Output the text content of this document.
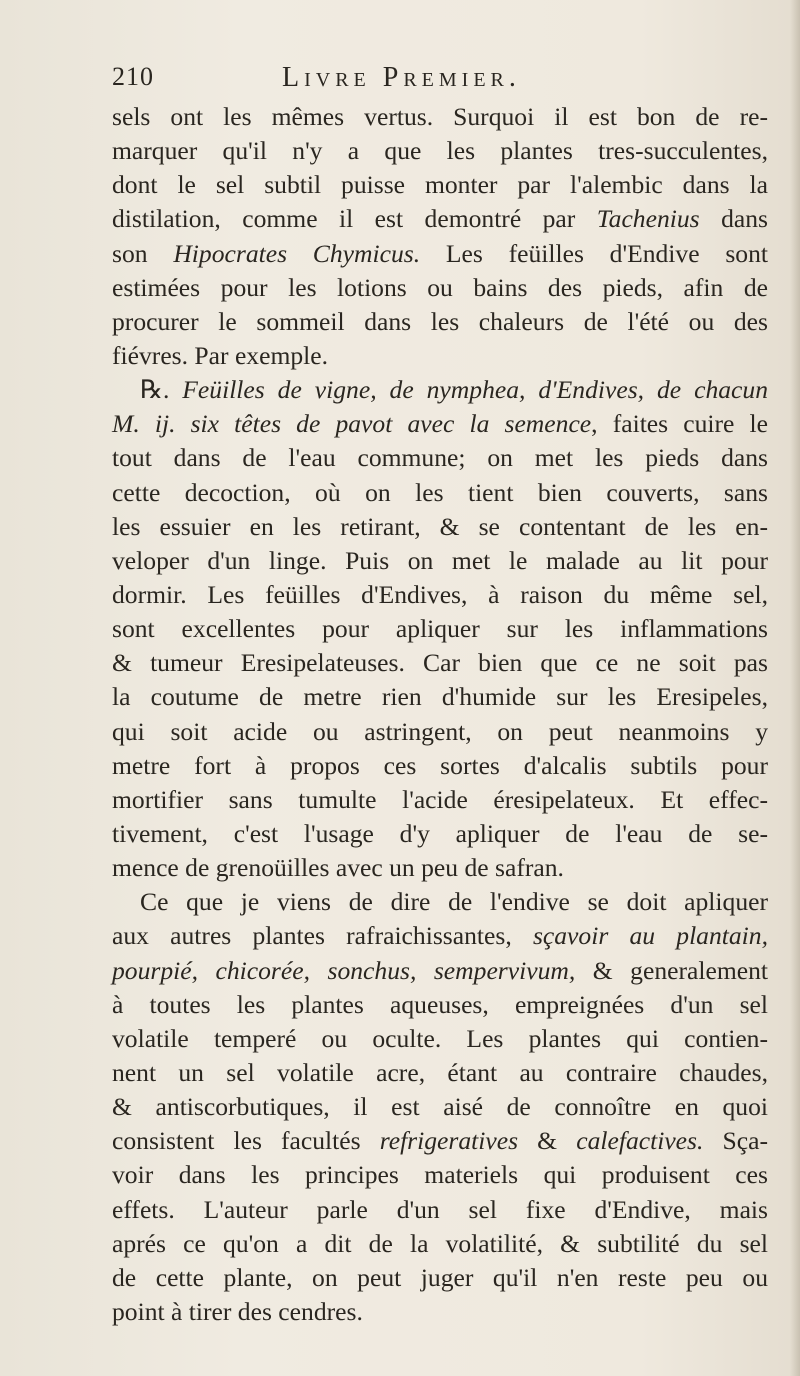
210	Livre Premier.
sels ont les mêmes vertus. Surquoi il est bon de re-
marquer qu'il n'y a que les plantes tres-succulentes,
dont le sel subtil puisse monter par l'alembic dans la
distilation, comme il est demontré par Tachenius dans
son Hipocrates Chymicus. Les feüilles d'Endive sont
estimées pour les lotions ou bains des pieds, afin de
procurer le sommeil dans les chaleurs de l'été ou des
fiévres. Par exemple.
℞. Feüilles de vigne, de nymphea, d'Endives, de chacun
M. ij. six têtes de pavot avec la semence, faites cuire le
tout dans de l'eau commune; on met les pieds dans
cette decoction, où on les tient bien couverts, sans
les essuier en les retirant, & se contentant de les en-
veloper d'un linge. Puis on met le malade au lit pour
dormir. Les feüilles d'Endives, à raison du même sel,
sont excellentes pour apliquer sur les inflammations
& tumeur Eresipelateuses. Car bien que ce ne soit pas
la coutume de metre rien d'humide sur les Eresipeles,
qui soit acide ou astringent, on peut neanmoins y
metre fort à propos ces sortes d'alcalis subtils pour
mortifier sans tumulte l'acide éresipelateux. Et effec-
tivement, c'est l'usage d'y apliquer de l'eau de se-
mence de grenoüilles avec un peu de safran.
Ce que je viens de dire de l'endive se doit apliquer
aux autres plantes rafraichissantes, sçavoir au plantain,
pourpié, chicorée, sonchus, sempervivum, & generalement
à toutes les plantes aqueuses, empreignées d'un sel
volatile temperé ou oculte. Les plantes qui contien-
nent un sel volatile acre, étant au contraire chaudes,
& antiscorbutiques, il est aisé de connoître en quoi
consistent les facultés refrigeratives & calefactives. Sça-
voir dans les principes materiels qui produisent ces
effets. L'auteur parle d'un sel fixe d'Endive, mais
aprés ce qu'on a dit de la volatilité, & subtilité du sel
de cette plante, on peut juger qu'il n'en reste peu ou
point à tirer des cendres.
